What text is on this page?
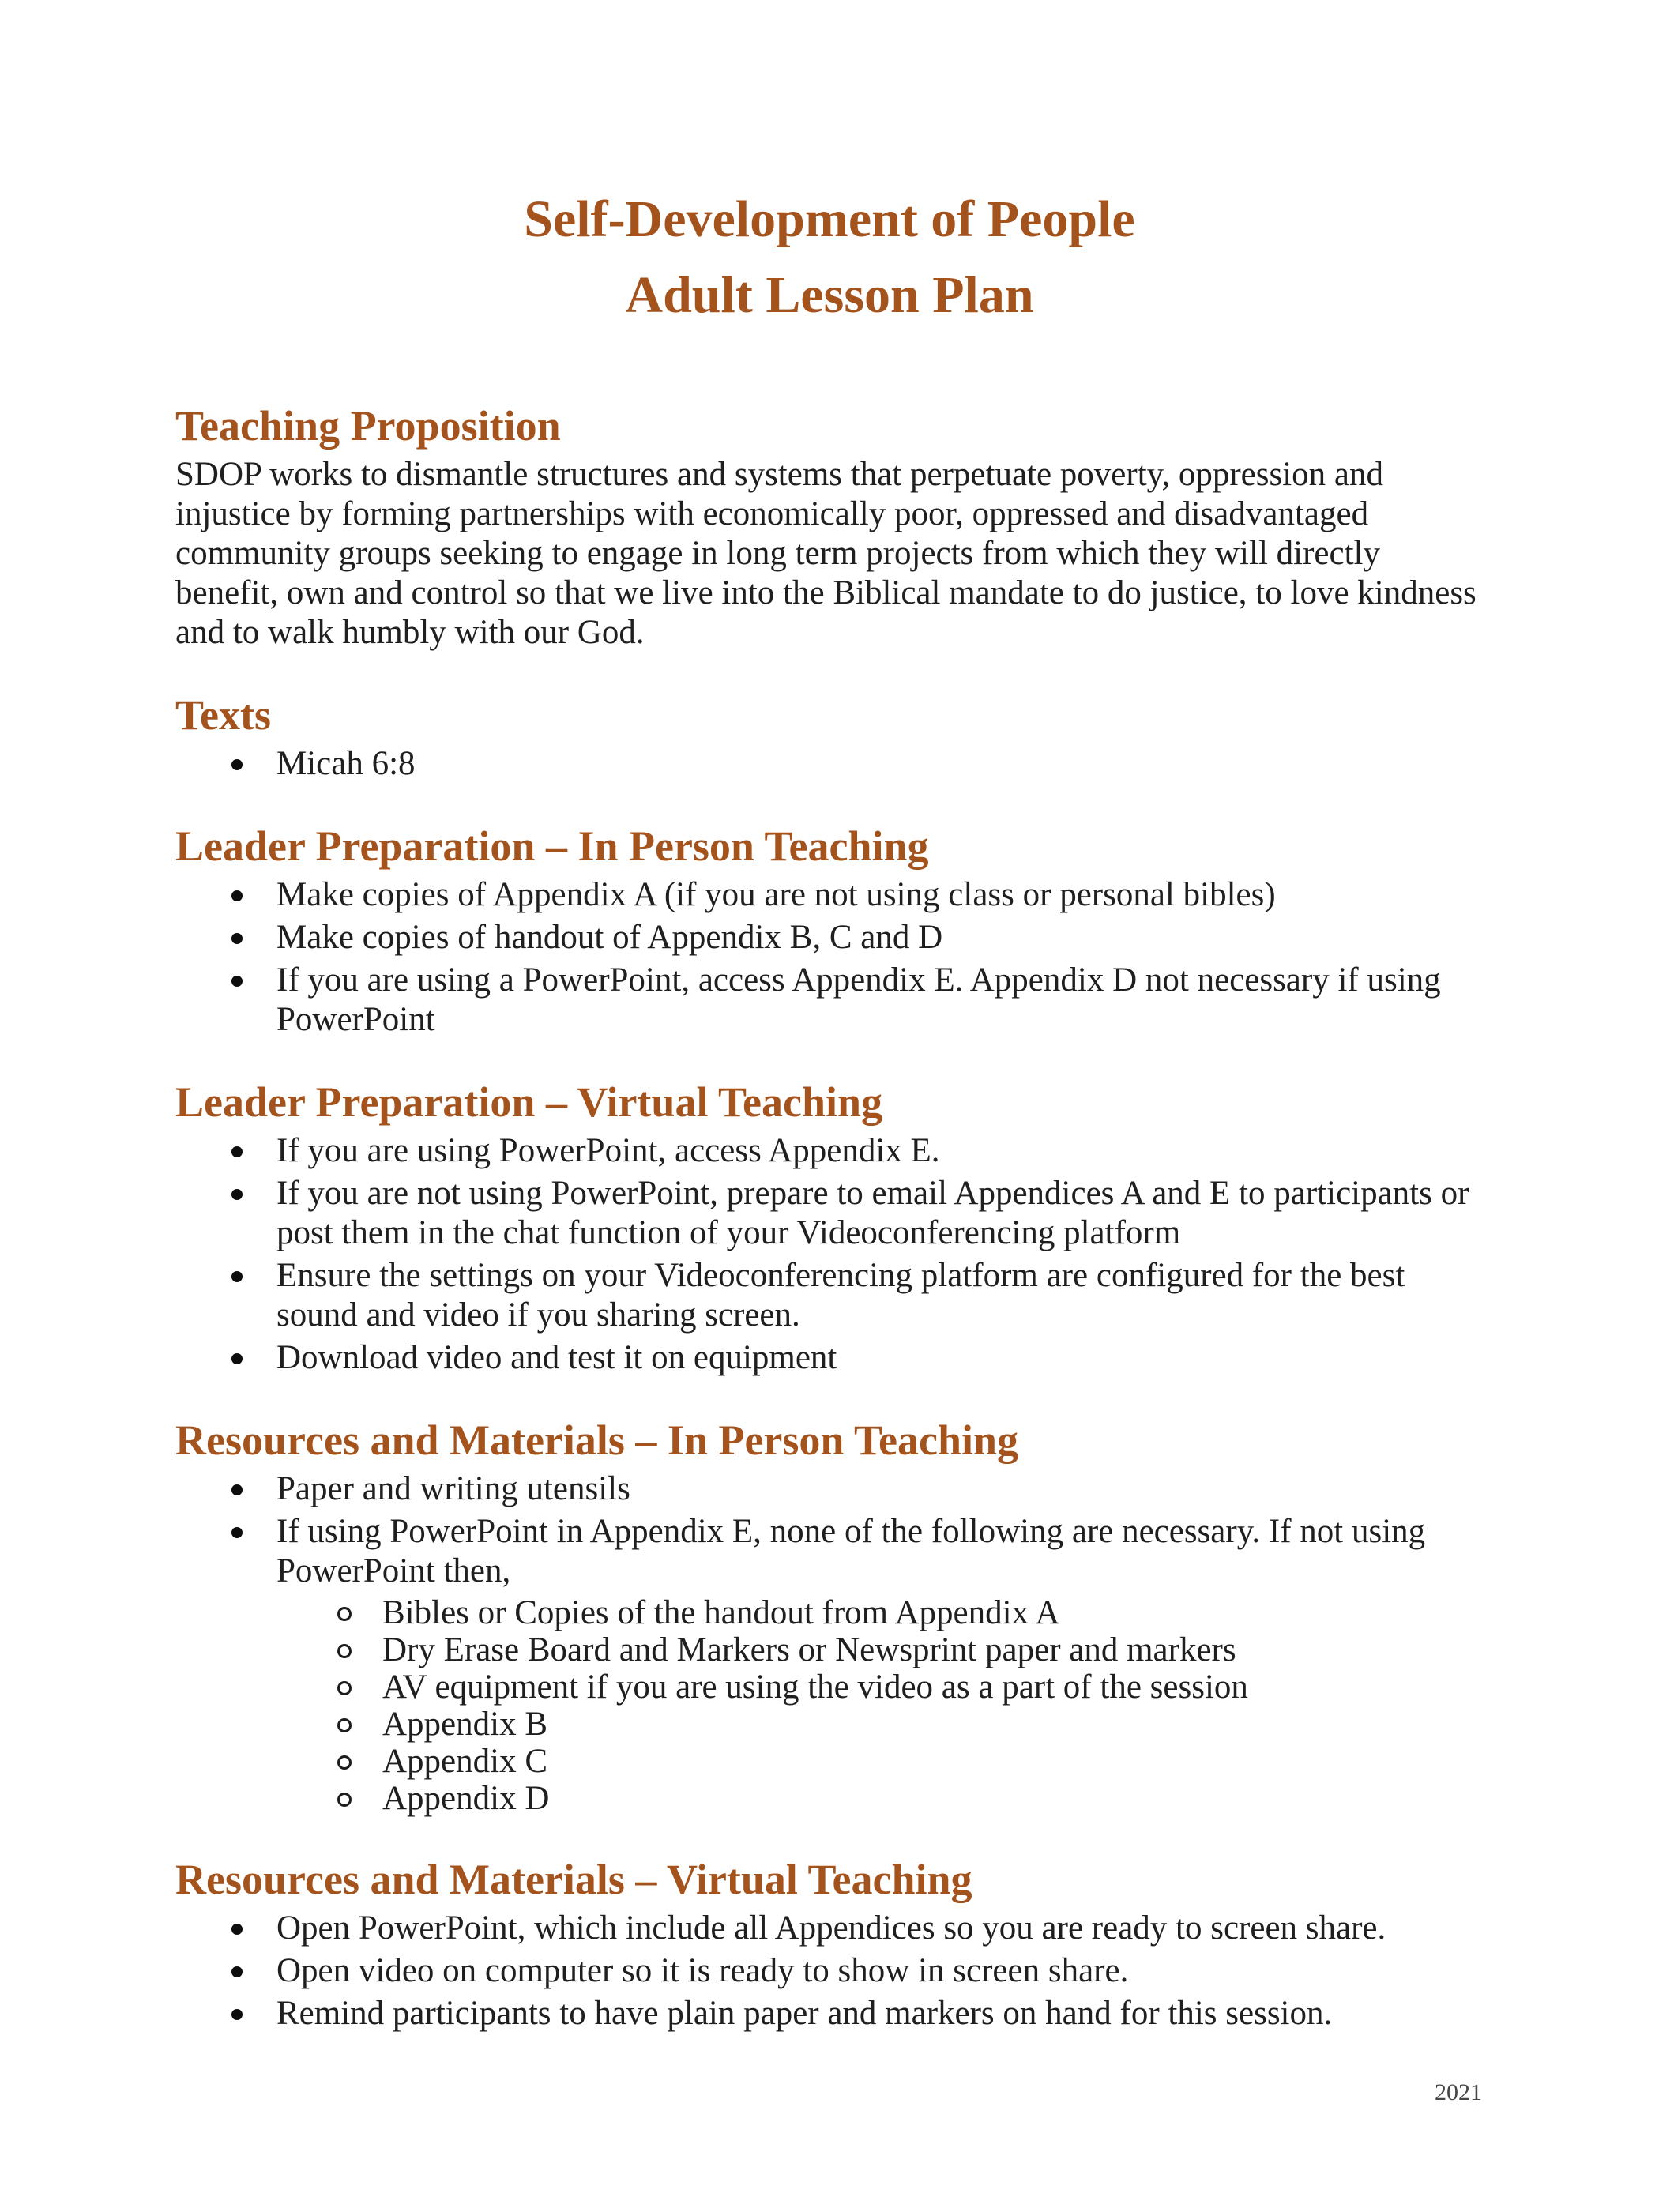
Self-Development of People
Adult Lesson Plan
Teaching Proposition

SDOP works to dismantle structures and systems that perpetuate poverty, oppression and injustice by forming partnerships with economically poor, oppressed and disadvantaged community groups seeking to engage in long term projects from which they will directly benefit, own and control so that we live into the Biblical mandate to do justice, to love kindness and to walk humbly with our God.

Texts
Micah 6:8
Leader Preparation – In Person Teaching
Make copies of Appendix A (if you are not using class or personal bibles)
Make copies of handout of Appendix B, C and D
If you are using a PowerPoint, access Appendix E. Appendix D not necessary if using PowerPoint
Leader Preparation – Virtual Teaching
If you are using PowerPoint, access Appendix E.
If you are not using PowerPoint, prepare to email Appendices A and E to participants or post them in the chat function of your Videoconferencing platform
Ensure the settings on your Videoconferencing platform are configured for the best sound and video if you sharing screen.
Download video and test it on equipment
Resources and Materials – In Person Teaching
Paper and writing utensils
If using PowerPoint in Appendix E, none of the following are necessary. If not using PowerPoint then,
Bibles or Copies of the handout from Appendix A
Dry Erase Board and Markers or Newsprint paper and markers
AV equipment if you are using the video as a part of the session
Appendix B
Appendix C
Appendix D
Resources and Materials – Virtual Teaching
Open PowerPoint, which include all Appendices so you are ready to screen share.
Open video on computer so it is ready to show in screen share.
Remind participants to have plain paper and markers on hand for this session.
2021
